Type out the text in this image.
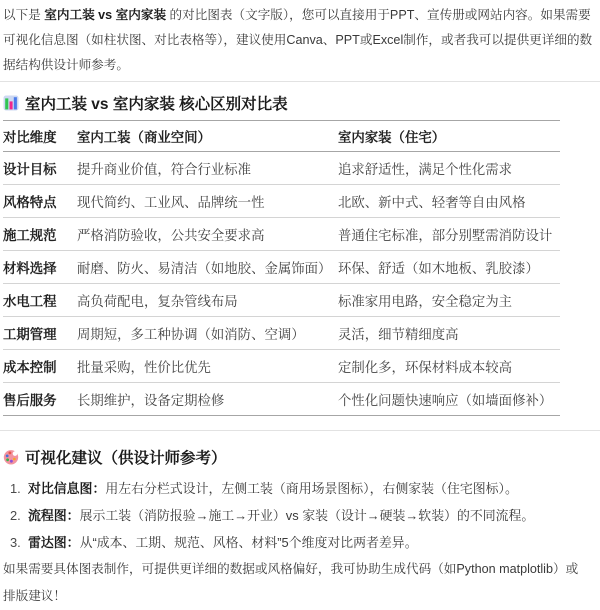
以下是 室内工装 vs 室内家装 的对比图表（文字版），您可以直接用于PPT、宣传册或网站内容。如果需要
可视化信息图（如柱状图、对比表格等），建议使用Canva、PPT或Excel制作，或者我可以提供更详细的数
据结构供设计师参考。
室内工装 vs 室内家装 核心区别对比表
对比维度	室内工装（商业空间）	室内家装（住宅）
设计目标	提升商业价值，符合行业标准	追求舒适性，满足个性化需求
风格特点	现代简约、工业风、品牌统一性	北欧、新中式、轻奢等自由风格
施工规范	严格消防验收，公共安全要求高	普通住宅标准，部分别墅需消防设计
材料选择	耐磨、防火、易清洁（如地胶、金属饰面）	环保、舒适（如木地板、乳胶漆）
水电工程	高负荷配电，复杂管线布局	标准家用电路，安全稳定为主
工期管理	周期短，多工种协调（如消防、空调）	灵活，细节精细度高
成本控制	批量采购，性价比优先	定制化多，环保材料成本较高
售后服务	长期维护，设备定期检修	个性化问题快速响应（如墙面修补）
可视化建议（供设计师参考）
1. 对比信息图：用左右分栏式设计，左侧工装（商用场景图标），右侧家装（住宅图标）。
2. 流程图：展示工装（消防报验→施工→开业）vs 家装（设计→硬装→软装）的不同流程。
3. 雷达图：从“成本、工期、规范、风格、材料”5个维度对比两者差异。
如果需要具体图表制作，可提供更详细的数据或风格偏好，我可协助生成代码（如Python matplotlib）或
排版建议！
